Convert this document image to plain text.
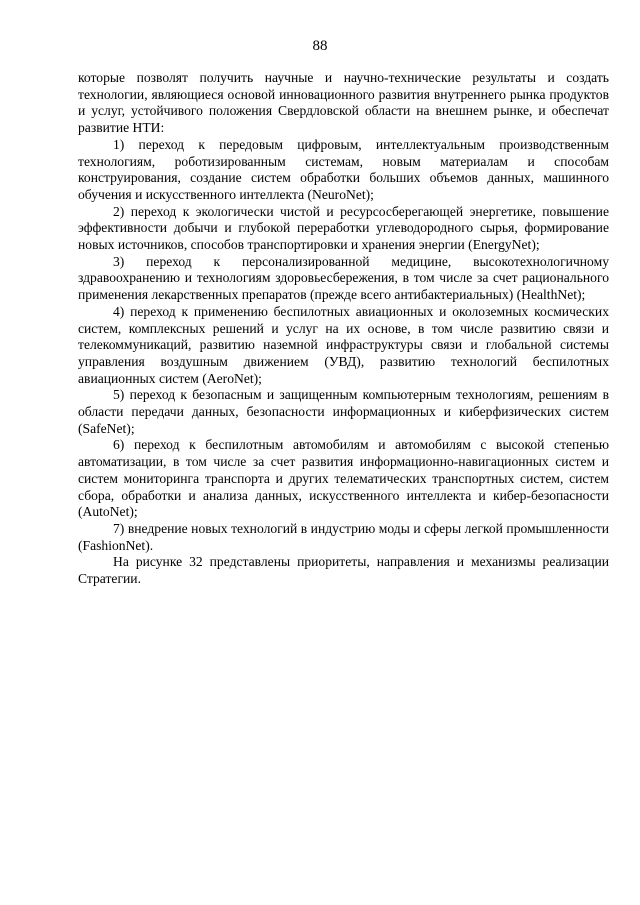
88

которые позволят получить научные и научно-технические результаты и создать технологии, являющиеся основой инновационного развития внутреннего рынка продуктов и услуг, устойчивого положения Свердловской области на внешнем рынке, и обеспечат развитие НТИ:

1) переход к передовым цифровым, интеллектуальным производственным технологиям, роботизированным системам, новым материалам и способам конструирования, создание систем обработки больших объемов данных, машинного обучения и искусственного интеллекта (NeuroNet);

2) переход к экологически чистой и ресурсосберегающей энергетике, повышение эффективности добычи и глубокой переработки углеводородного сырья, формирование новых источников, способов транспортировки и хранения энергии (EnergyNet);

3) переход к персонализированной медицине, высокотехнологичному здравоохранению и технологиям здоровьесбережения, в том числе за счет рационального применения лекарственных препаратов (прежде всего антибактериальных) (HealthNet);

4) переход к применению беспилотных авиационных и околоземных космических систем, комплексных решений и услуг на их основе, в том числе развитию связи и телекоммуникаций, развитию наземной инфраструктуры связи и глобальной системы управления воздушным движением (УВД), развитию технологий беспилотных авиационных систем (AeroNet);

5) переход к безопасным и защищенным компьютерным технологиям, решениям в области передачи данных, безопасности информационных и киберфизических систем (SafeNet);

6) переход к беспилотным автомобилям и автомобилям с высокой степенью автоматизации, в том числе за счет развития информационно-навигационных систем и систем мониторинга транспорта и других телематических транспортных систем, систем сбора, обработки и анализа данных, искусственного интеллекта и кибер-безопасности (AutoNet);

7) внедрение новых технологий в индустрию моды и сферы легкой промышленности (FashionNet).

На рисунке 32 представлены приоритеты, направления и механизмы реализации Стратегии.
